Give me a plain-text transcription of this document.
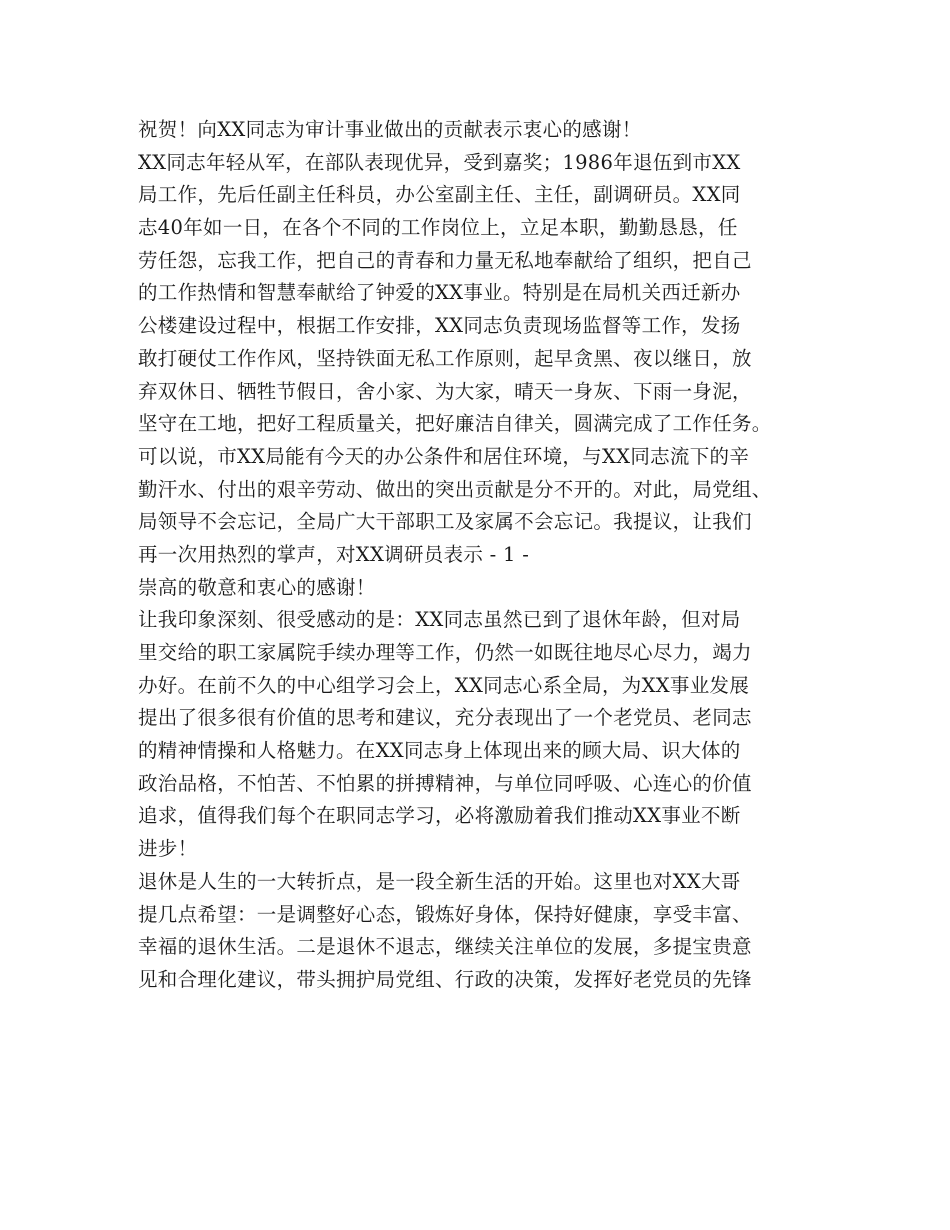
祝贺！向XX同志为审计事业做出的贡献表示衷心的感谢！
XX同志年轻从军，在部队表现优异，受到嘉奖；1986年退伍到市XX
局工作，先后任副主任科员，办公室副主任、主任，副调研员。XX同
志40年如一日，在各个不同的工作岗位上，立足本职，勤勤恳恳，任
劳任怨，忘我工作，把自己的青春和力量无私地奉献给了组织，把自己
的工作热情和智慧奉献给了钟爱的XX事业。特别是在局机关西迁新办
公楼建设过程中，根据工作安排，XX同志负责现场监督等工作，发扬
敢打硬仗工作作风，坚持铁面无私工作原则，起早贪黑、夜以继日，放
弃双休日、牺牲节假日，舍小家、为大家，晴天一身灰、下雨一身泥，
坚守在工地，把好工程质量关，把好廉洁自律关，圆满完成了工作任务。
可以说，市XX局能有今天的办公条件和居住环境，与XX同志流下的辛
勤汗水、付出的艰辛劳动、做出的突出贡献是分不开的。对此，局党组、
局领导不会忘记，全局广大干部职工及家属不会忘记。我提议，让我们
再一次用热烈的掌声，对XX调研员表示 - 1 -
崇高的敬意和衷心的感谢！
让我印象深刻、很受感动的是：XX同志虽然已到了退休年龄，但对局
里交给的职工家属院手续办理等工作，仍然一如既往地尽心尽力，竭力
办好。在前不久的中心组学习会上，XX同志心系全局，为XX事业发展
提出了很多很有价值的思考和建议，充分表现出了一个老党员、老同志
的精神情操和人格魅力。在XX同志身上体现出来的顾大局、识大体的
政治品格，不怕苦、不怕累的拼搏精神，与单位同呼吸、心连心的价值
追求，值得我们每个在职同志学习，必将激励着我们推动XX事业不断
进步！
退休是人生的一大转折点，是一段全新生活的开始。这里也对XX大哥
提几点希望：一是调整好心态，锻炼好身体，保持好健康，享受丰富、
幸福的退休生活。二是退休不退志，继续关注单位的发展，多提宝贵意
见和合理化建议，带头拥护局党组、行政的决策，发挥好老党员的先锋
